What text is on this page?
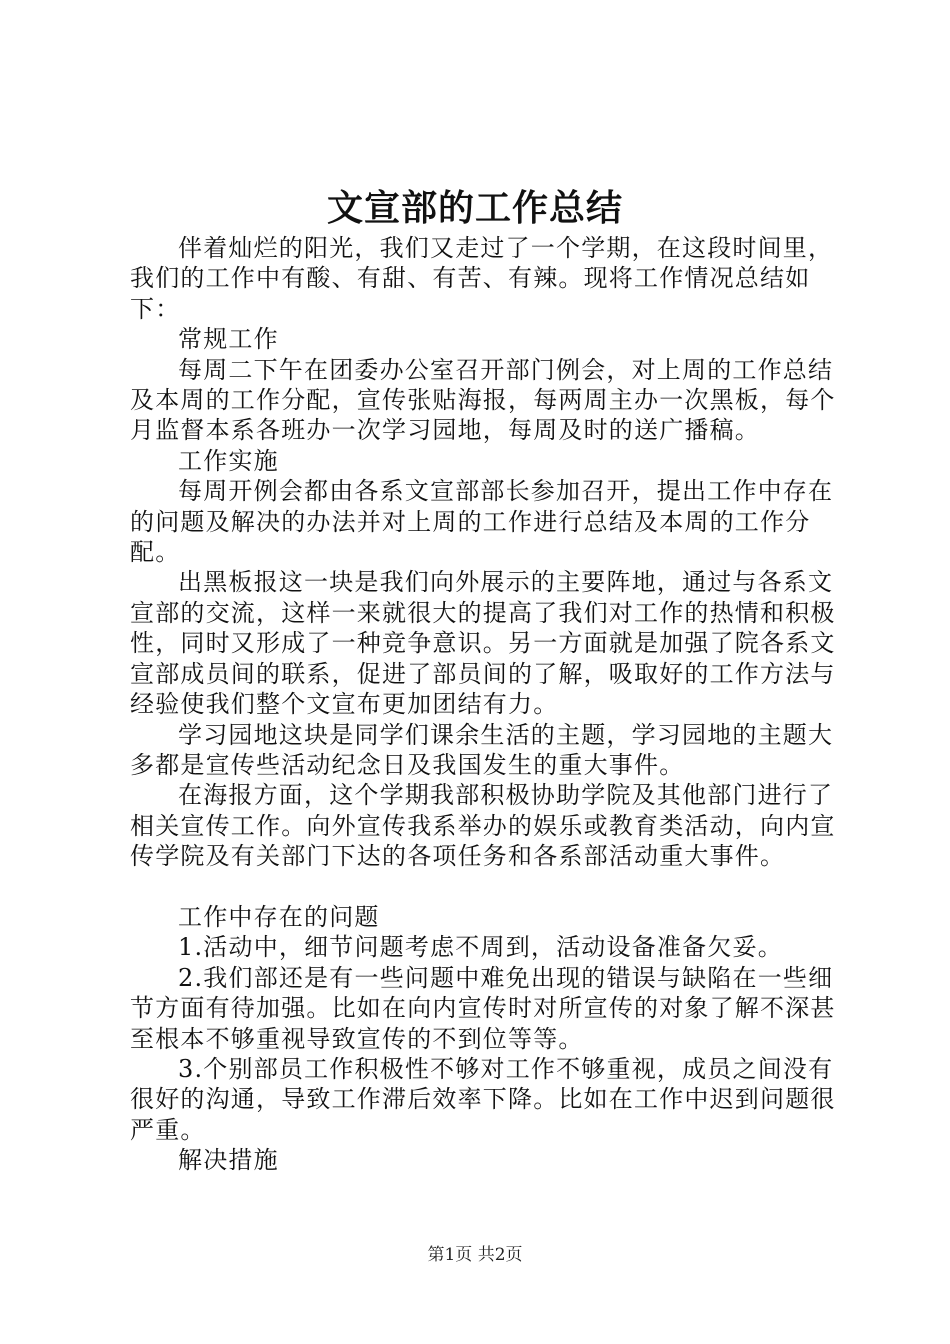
文宣部的工作总结

伴着灿烂的阳光，我们又走过了一个学期，在这段时间里，我们的工作中有酸、有甜、有苦、有辣。现将工作情况总结如下：

常规工作

每周二下午在团委办公室召开部门例会，对上周的工作总结及本周的工作分配，宣传张贴海报，每两周主办一次黑板，每个月监督本系各班办一次学习园地，每周及时的送广播稿。

工作实施

每周开例会都由各系文宣部部长参加召开，提出工作中存在的问题及解决的办法并对上周的工作进行总结及本周的工作分配。

出黑板报这一块是我们向外展示的主要阵地，通过与各系文宣部的交流，这样一来就很大的提高了我们对工作的热情和积极性，同时又形成了一种竞争意识。另一方面就是加强了院各系文宣部成员间的联系，促进了部员间的了解，吸取好的工作方法与经验使我们整个文宣布更加团结有力。

学习园地这块是同学们课余生活的主题，学习园地的主题大多都是宣传些活动纪念日及我国发生的重大事件。

在海报方面，这个学期我部积极协助学院及其他部门进行了相关宣传工作。向外宣传我系举办的娱乐或教育类活动，向内宣传学院及有关部门下达的各项任务和各系部活动重大事件。

工作中存在的问题

1.活动中，细节问题考虑不周到，活动设备准备欠妥。

2.我们部还是有一些问题中难免出现的错误与缺陷在一些细节方面有待加强。比如在向内宣传时对所宣传的对象了解不深甚至根本不够重视导致宣传的不到位等等。

3.个别部员工作积极性不够对工作不够重视，成员之间没有很好的沟通，导致工作滞后效率下降。比如在工作中迟到问题很严重。

解决措施

第1页 共2页
